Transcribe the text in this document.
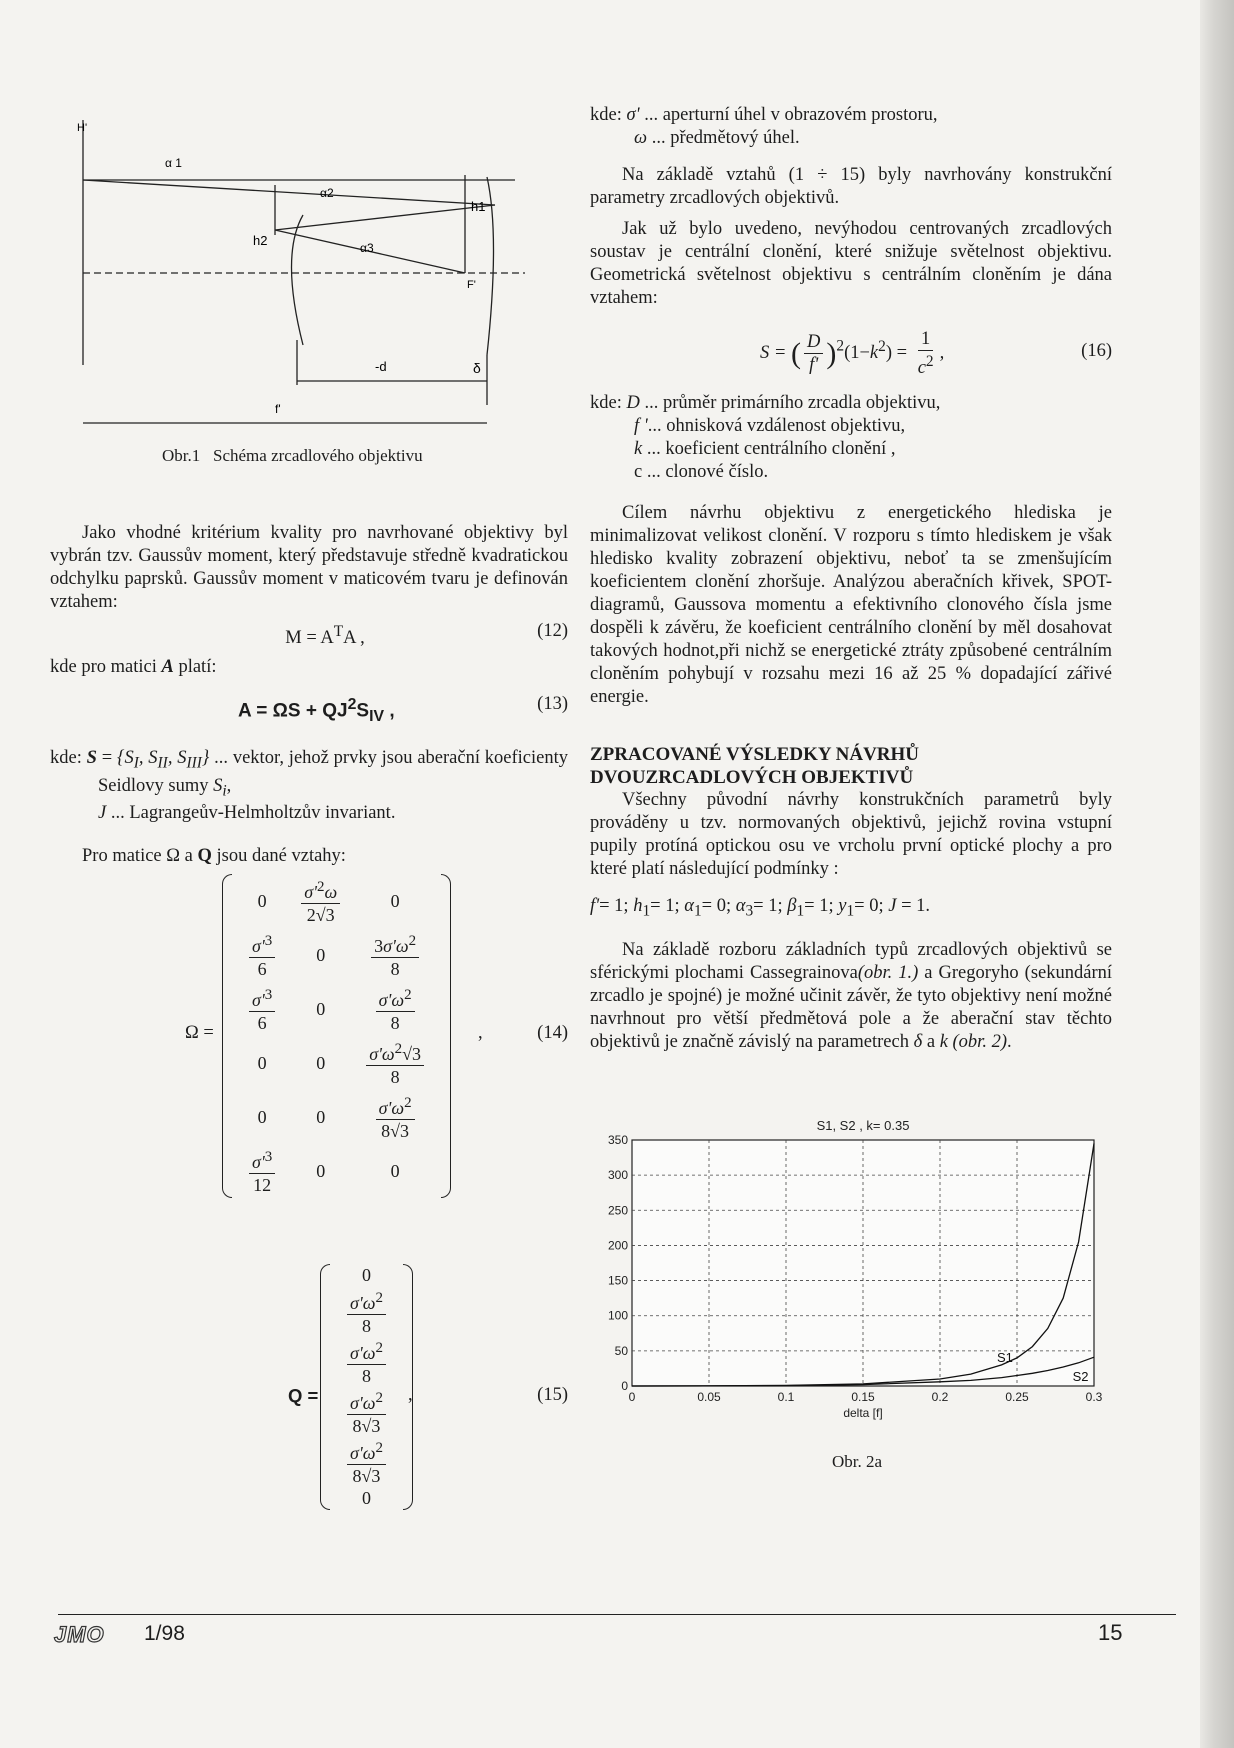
H'
α 1
α2
α3
h1
h2
F'
-d	δ
f'
Obr.1   Schéma zrcadlového objektivu

Jako vhodné kritérium kvality pro navrhované objektivy byl vybrán tzv. Gaussův moment, který představuje středně kvadratickou odchylku paprsků. Gaussův moment v maticovém tvaru je definován vztahem:

$M = A^TA$ ,	(12)

kde pro matici A platí:

$A = \Omega S + QJ^2S_{IV}$ ,	(13)

kde: $S = \{S_I$, $S_{II}$, $S_{III}$} ... vektor, jehož prvky jsou aberační koeficienty Seidlovy sumy $S_i$,

J ... Lagrangeův-Helmholtzův invariant.

Pro matice Ω a Q jsou dané vztahy:

Ω =
0	$\frac{\sigma'^2\omega}{2√3}$	0

$\frac{\sigma'^3}{6}$	0	$\frac{3\sigma'\omega^2}{8}$

$\frac{\sigma'^3}{6}$	0	$\frac{\sigma'\omega^2}{8}$

0	0	$\frac{\sigma'\omega^2√3}{8}$

0	0	$\frac{\sigma'\omega^2}{8√3}$

$\frac{\sigma'^3}{12}$	0	0
,	(14)
Q =
0

$\frac{\sigma'\omega^2}{8}$

$\frac{\sigma'\omega^2}{8}$

$\frac{\sigma'\omega^2}{8√3}$

$\frac{\sigma'\omega^2}{8√3}$

0
,	(15)

kde: σ' ... aperturní úhel v obrazovém prostoru,

ω ... předmětový úhel.

Na základě vztahů (1 ÷ 15) byly navrhovány konstrukční parametry zrcadlových objektivů.

Jak už bylo uvedeno, nevýhodou centrovaných zrcadlových soustav je centrální clonění, které snižuje světelnost objektivu. Geometrická světelnost objektivu s centrálním cloněním je dána vztahem:

S = ( $\frac{D}{f'} )^2(1-k^2) = \frac{1}{c^2}$ ,	(16)

kde: D ... průměr primárního zrcadla objektivu,

f '... ohnisková vzdálenost objektivu,

k ... koeficient centrálního clonění ,

c ... clonové číslo.

Cílem návrhu objektivu z energetického hlediska je minimalizovat velikost clonění. V rozporu s tímto hlediskem je však hledisko kvality zobrazení objektivu, neboť ta se zmenšujícím koeficientem clonění zhoršuje. Analýzou aberačních křivek, SPOT-diagramů, Gaussova momentu a efektivního clonového čísla jsme dospěli k závěru, že koeficient centrálního clonění by měl dosahovat takových hodnot,při nichž se energetické ztráty způsobené centrálním cloněním pohybují v rozsahu mezi 16 až 25 % dopadající zářivé energie.

ZPRACOVANÉ VÝSLEDKY NÁVRHŮ DVOUZRCADLOVÝCH OBJEKTIVŮ

Všechny původní návrhy konstrukčních parametrů byly prováděny u tzv. normovaných objektivů, jejichž rovina vstupní pupily protíná optickou osu ve vrcholu první optické plochy a pro které platí následující podmínky :

f'= 1; $h_1= 1$; $\alpha_1= 0$; $\alpha_3= 1$; $\beta_1= 1$; $y_1= 0$; J = 1.

Na základě rozboru základních typů zrcadlových objektivů se sférickými plochami Cassegrainova(obr. 1.) a Gregoryho (sekundární zrcadlo je spojné) je možné učinit závěr, že tyto objektivy není možné navrhnout pro větší předmětová pole a že aberační stav těchto objektivů je značně závislý na parametrech δ a k (obr. 2).

0
50
100
150
200
250
300
350
0	0.05	0.1	0.15	0.2	0.25	0.3
S1, S2 , k= 0.35
delta [f]
S1
S2
Obr. 2a
JMO 1/98	15
